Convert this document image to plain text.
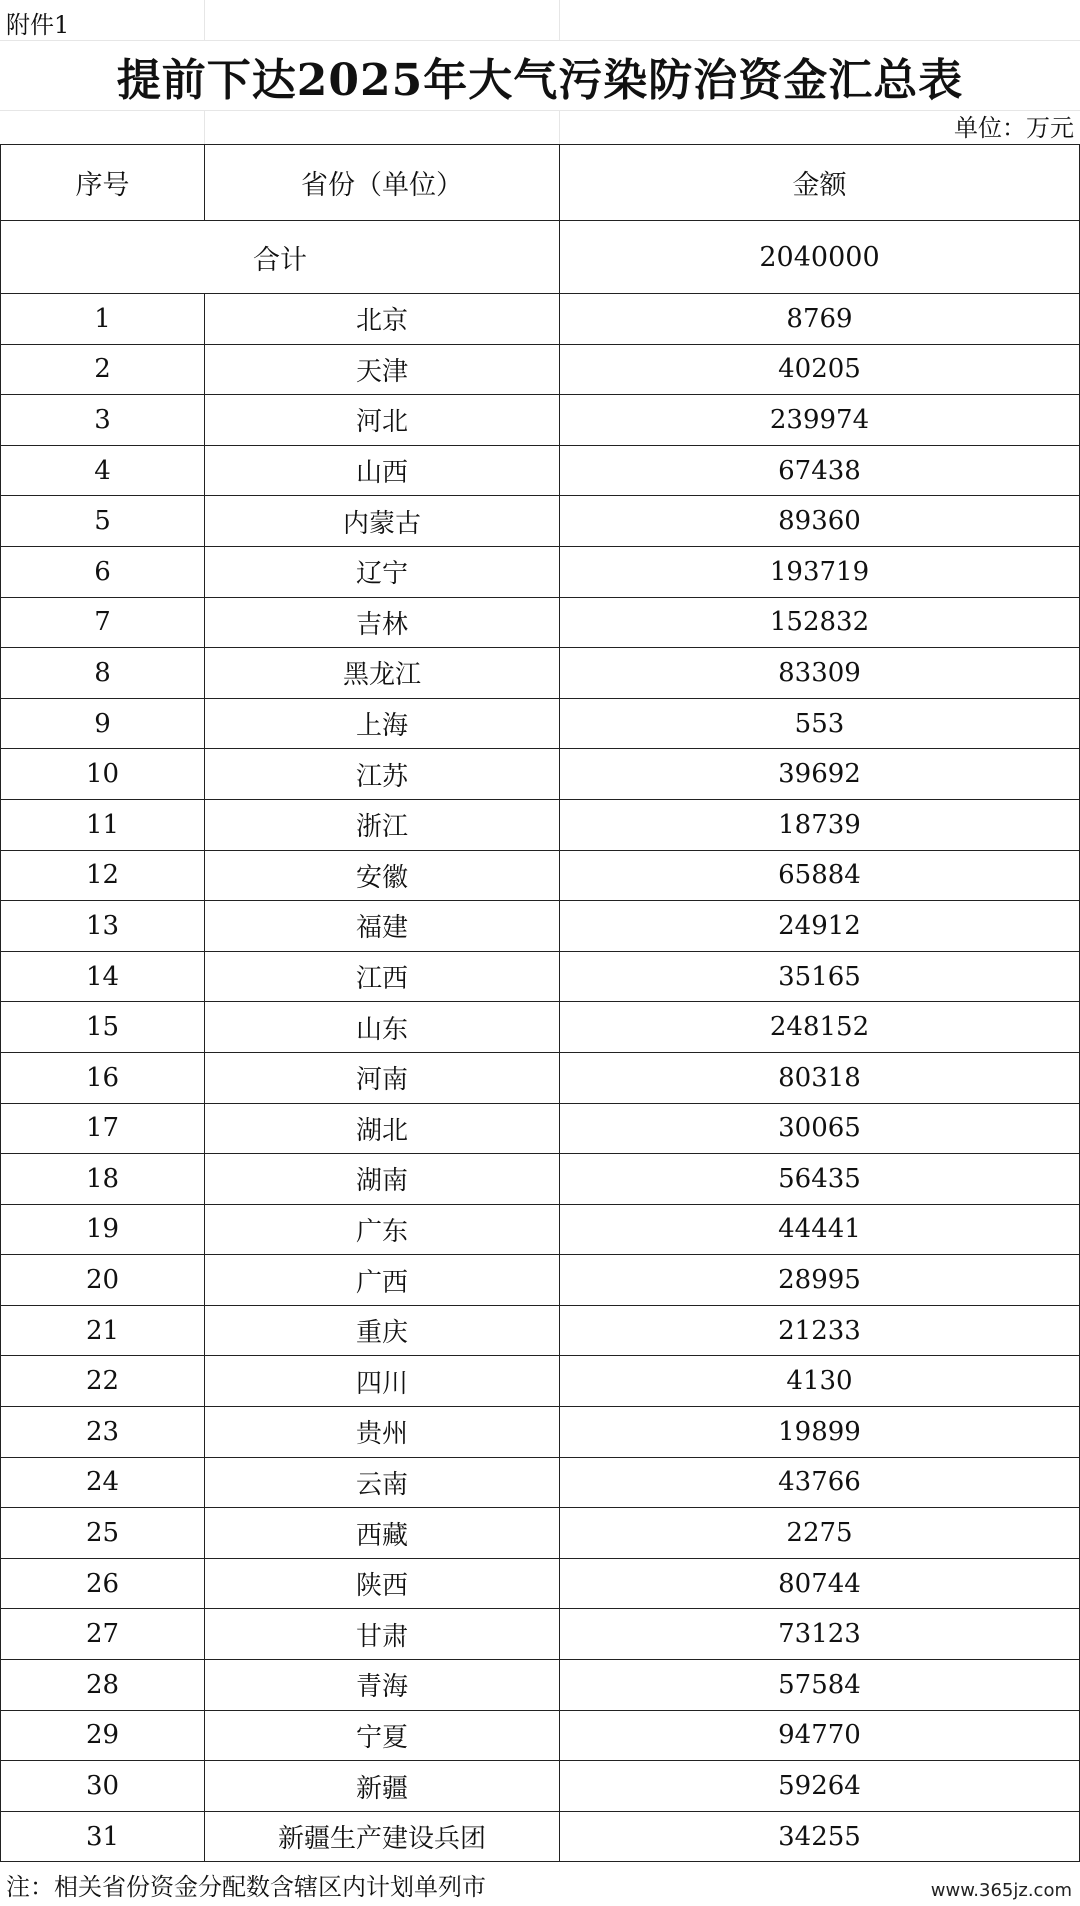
附件1
提前下达2025年大气污染防治资金汇总表
单位：万元
序号	省份（单位）	金额
合计		2040000
1	北京	8769
2	天津	40205
3	河北	239974
4	山西	67438
5	内蒙古	89360
6	辽宁	193719
7	吉林	152832
8	黑龙江	83309
9	上海	553
10	江苏	39692
11	浙江	18739
12	安徽	65884
13	福建	24912
14	江西	35165
15	山东	248152
16	河南	80318
17	湖北	30065
18	湖南	56435
19	广东	44441
20	广西	28995
21	重庆	21233
22	四川	4130
23	贵州	19899
24	云南	43766
25	西藏	2275
26	陕西	80744
27	甘肃	73123
28	青海	57584
29	宁夏	94770
30	新疆	59264
31	新疆生产建设兵团	34255
注：相关省份资金分配数含辖区内计划单列市	www.365jz.com
